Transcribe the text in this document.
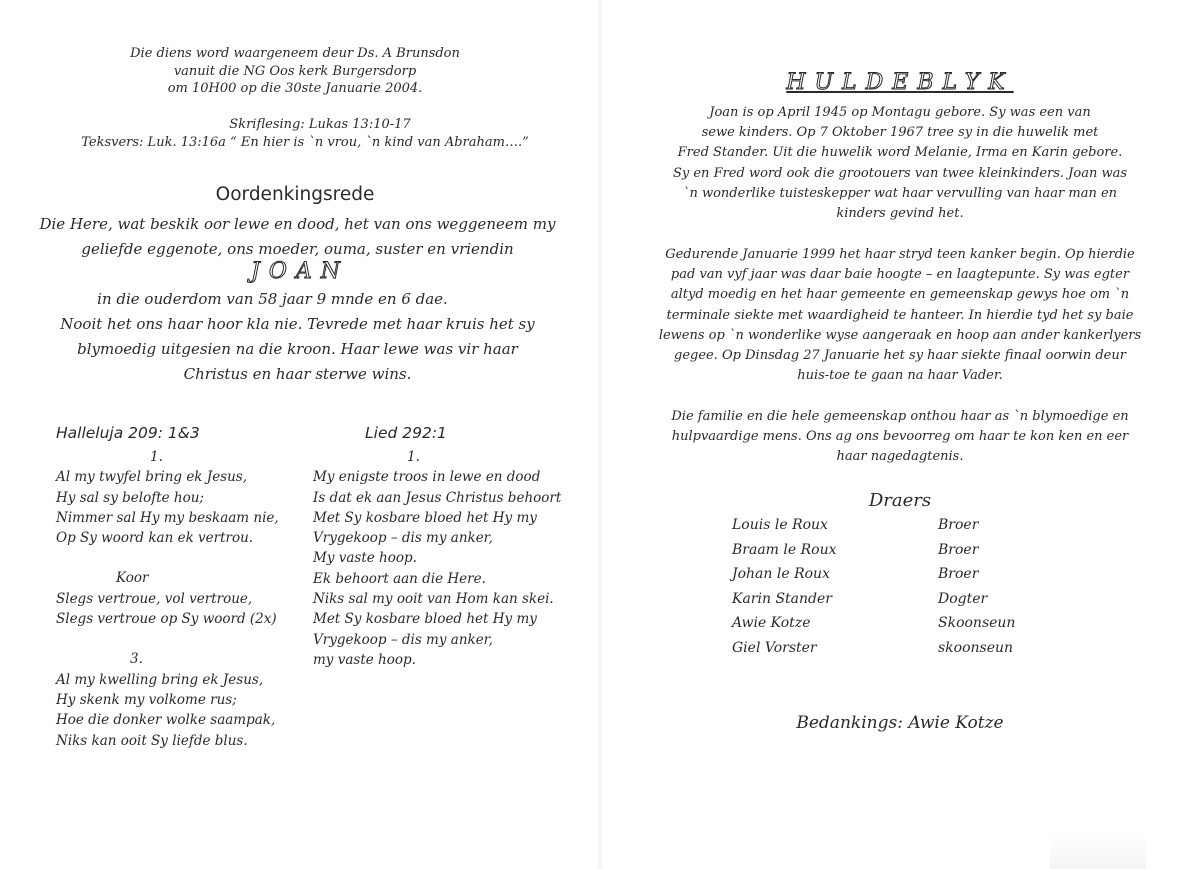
Die diens word waargeneem deur Ds. A Brunsdon
vanuit die NG Oos kerk Burgersdorp
om 10H00 op die 30ste Januarie 2004.
Skriflesing: Lukas 13:10-17
Teksvers: Luk. 13:16a “ En hier is `n vrou, `n kind van Abraham….”
Oordenkingsrede
Die Here, wat beskik oor lewe en dood, het van ons weggeneem my
geliefde eggenote, ons moeder, ouma, suster en vriendin
JOAN
in die ouderdom van 58 jaar 9 mnde en 6 dae.
Nooit het ons haar hoor kla nie. Tevrede met haar kruis het sy
blymoedig uitgesien na die kroon. Haar lewe was vir haar
Christus en haar sterwe wins.
Halleluja 209: 1&3
1.
Al my twyfel bring ek Jesus,
Hy sal sy belofte hou;
Nimmer sal Hy my beskaam nie,
Op Sy woord kan ek vertrou.
Koor
Slegs vertroue, vol vertroue,
Slegs vertroue op Sy woord (2x)
3.
Al my kwelling bring ek Jesus,
Hy skenk my volkome rus;
Hoe die donker wolke saampak,
Niks kan ooit Sy liefde blus.
Lied 292:1
1.
My enigste troos in lewe en dood
Is dat ek aan Jesus Christus behoort
Met Sy kosbare bloed het Hy my
Vrygekoop – dis my anker,
My vaste hoop.
Ek behoort aan die Here.
Niks sal my ooit van Hom kan skei.
Met Sy kosbare bloed het Hy my
Vrygekoop – dis my anker,
my vaste hoop.
HULDEBLYK
Joan is op April 1945 op Montagu gebore. Sy was een van
sewe kinders. Op 7 Oktober 1967 tree sy in die huwelik met
Fred Stander. Uit die huwelik word Melanie, Irma en Karin gebore.
Sy en Fred word ook die grootouers van twee kleinkinders. Joan was
`n wonderlike tuisteskepper wat haar vervulling van haar man en
kinders gevind het.
Gedurende Januarie 1999 het haar stryd teen kanker begin. Op hierdie
pad van vyf jaar was daar baie hoogte – en laagtepunte. Sy was egter
altyd moedig en het haar gemeente en gemeenskap gewys hoe om `n
terminale siekte met waardigheid te hanteer. In hierdie tyd het sy baie
lewens op `n wonderlike wyse aangeraak en hoop aan ander kankerlyers
gegee. Op Dinsdag 27 Januarie het sy haar siekte finaal oorwin deur
huis-toe te gaan na haar Vader.
Die familie en die hele gemeenskap onthou haar as `n blymoedige en
hulpvaardige mens. Ons ag ons bevoorreg om haar te kon ken en eer
haar nagedagtenis.
Draers
Louis le Roux
Braam le Roux
Johan le Roux
Karin Stander
Awie Kotze
Giel Vorster
Broer
Broer
Broer
Dogter
Skoonseun
skoonseun
Bedankings: Awie Kotze
